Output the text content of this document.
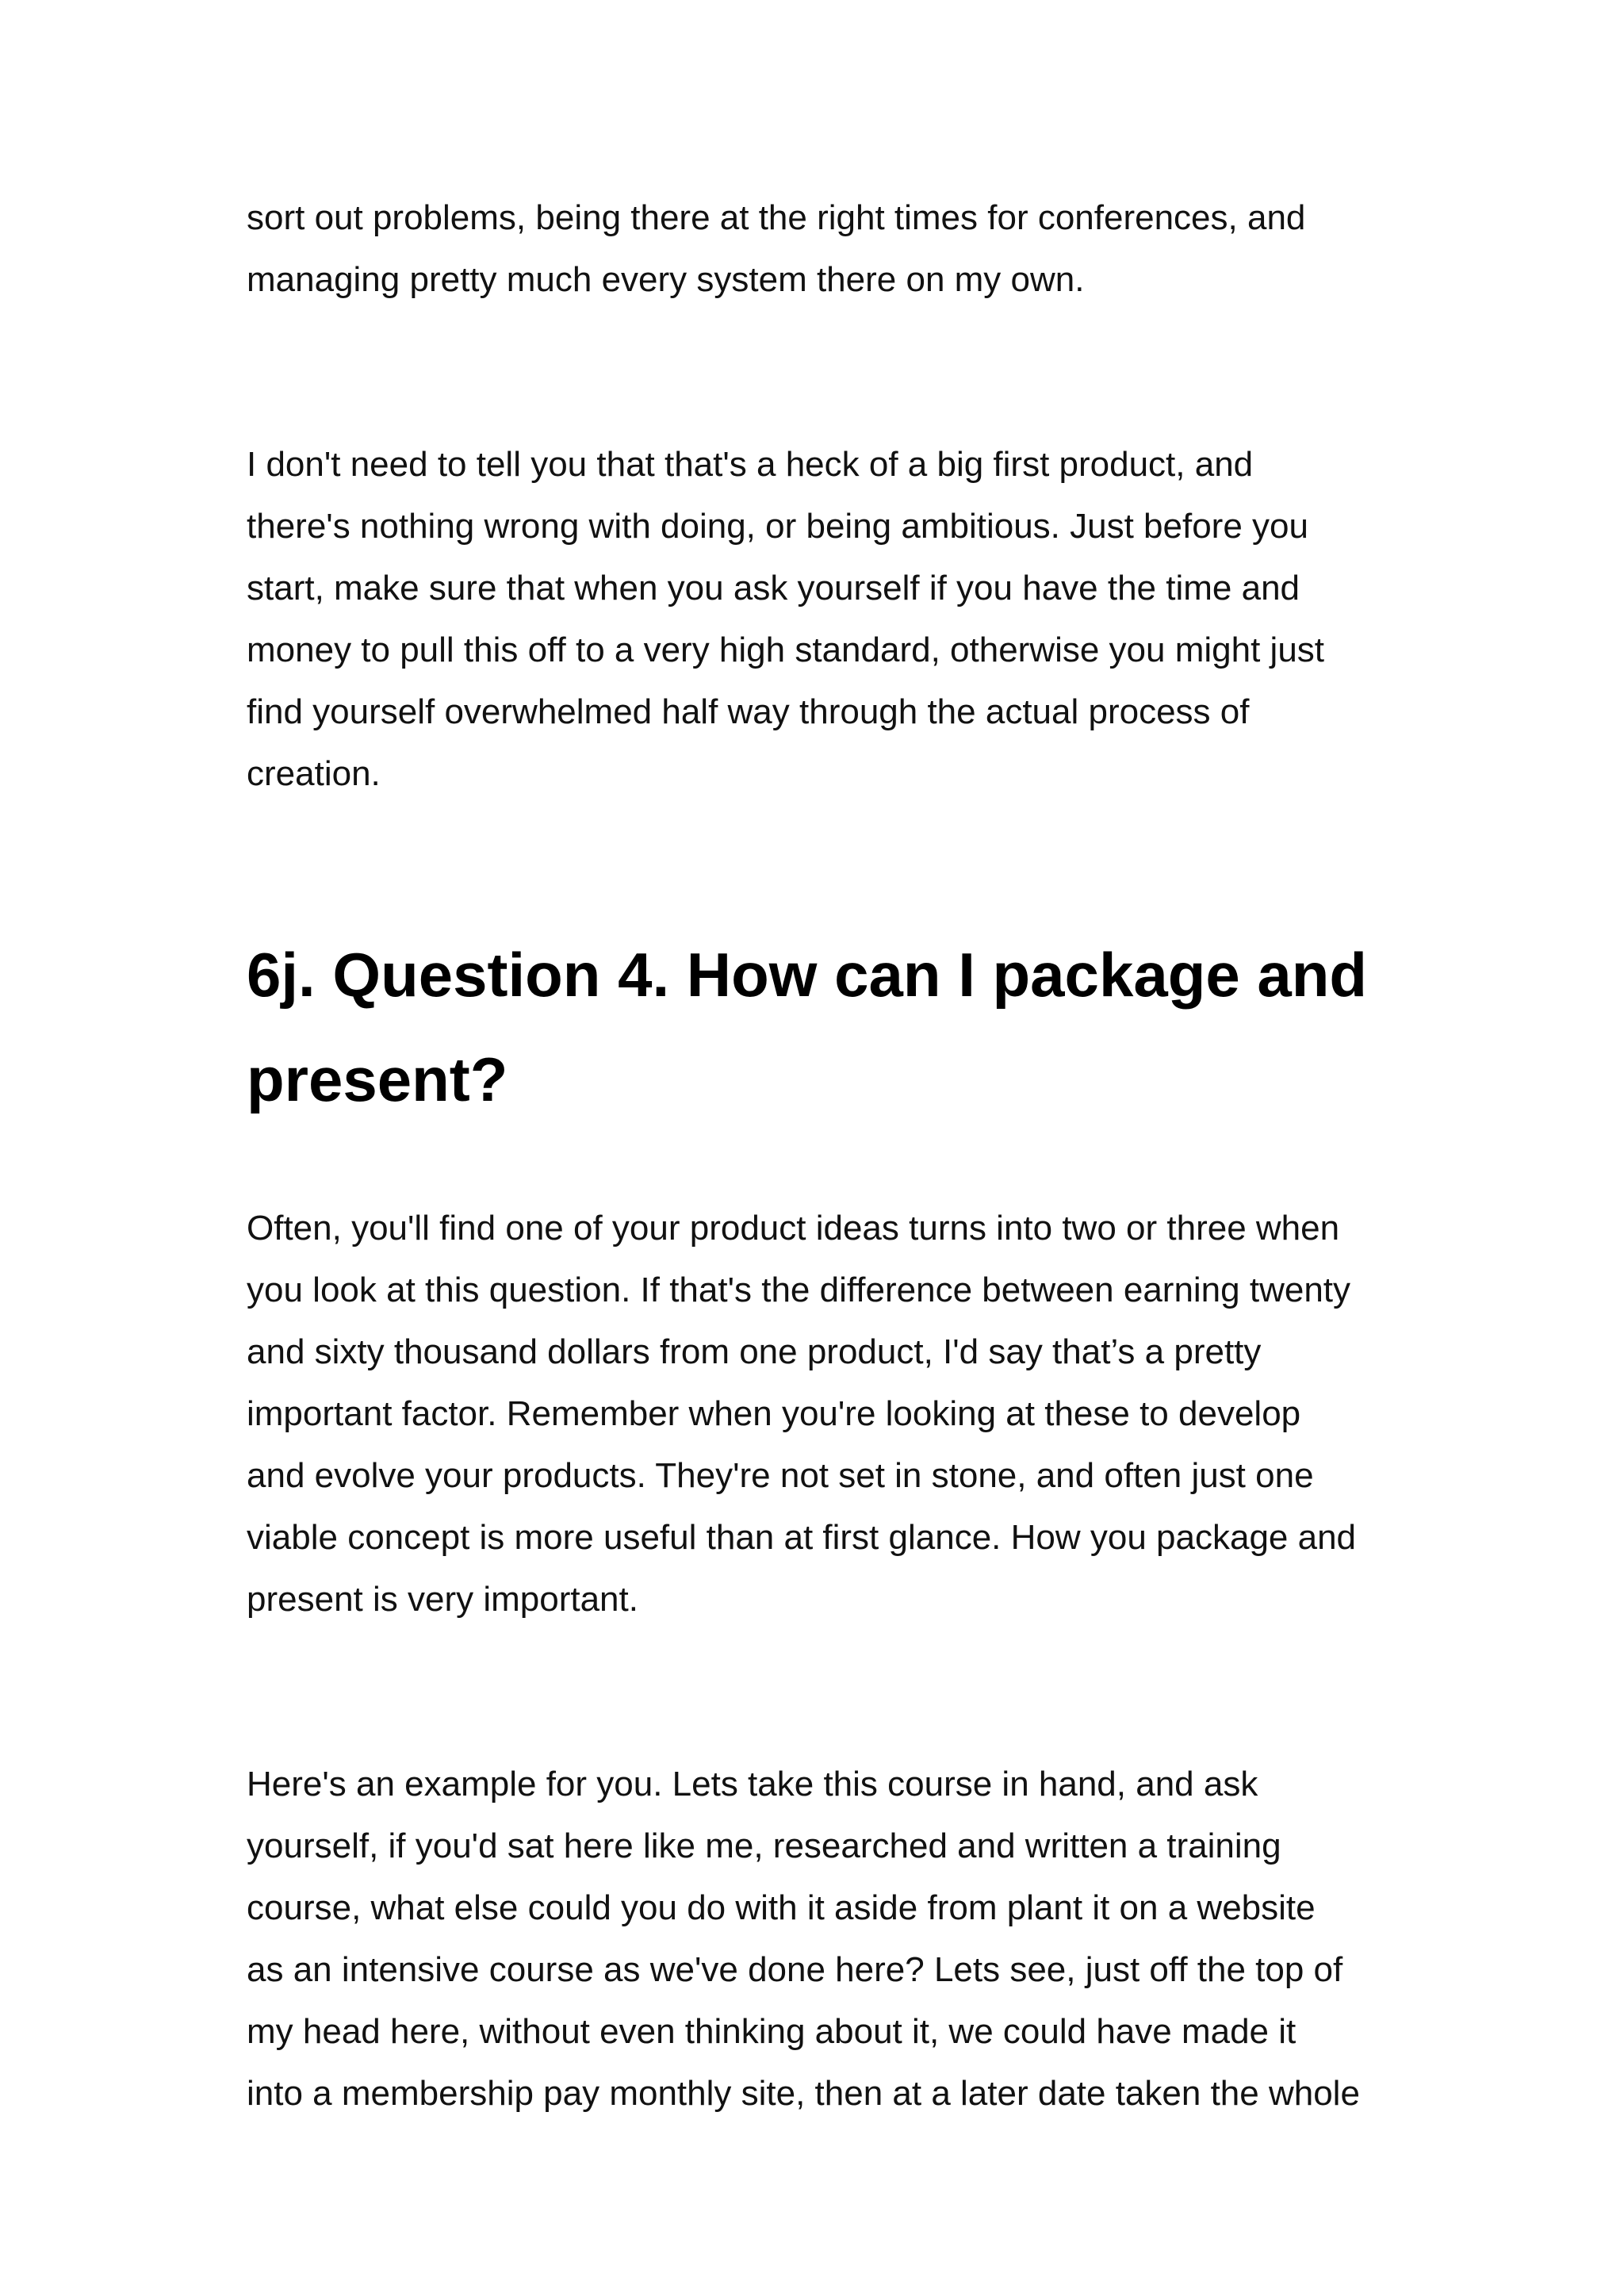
sort out problems, being there at the right times for conferences, and

managing pretty much every system there on my own.

I don't need to tell you that that's a heck of a big first product, and

there's nothing wrong with doing, or being ambitious. Just before you

start, make sure that when you ask yourself if you have the time and

money to pull this off to a very high standard, otherwise you might just

find yourself overwhelmed half way through the actual process of

creation.

6j. Question 4. How can I package and
present?

Often, you'll find one of your product ideas turns into two or three when

you look at this question. If that's the difference between earning twenty

and sixty thousand dollars from one product, I'd say that’s a pretty

important factor. Remember when you're looking at these to develop

and evolve your products. They're not set in stone, and often just one

viable concept is more useful than at first glance. How you package and

present is very important.

Here's an example for you. Lets take this course in hand, and ask

yourself, if you'd sat here like me, researched and written a training

course, what else could you do with it aside from plant it on a website

as an intensive course as we've done here? Lets see, just off the top of

my head here, without even thinking about it, we could have made it

into a membership pay monthly site, then at a later date taken the whole
